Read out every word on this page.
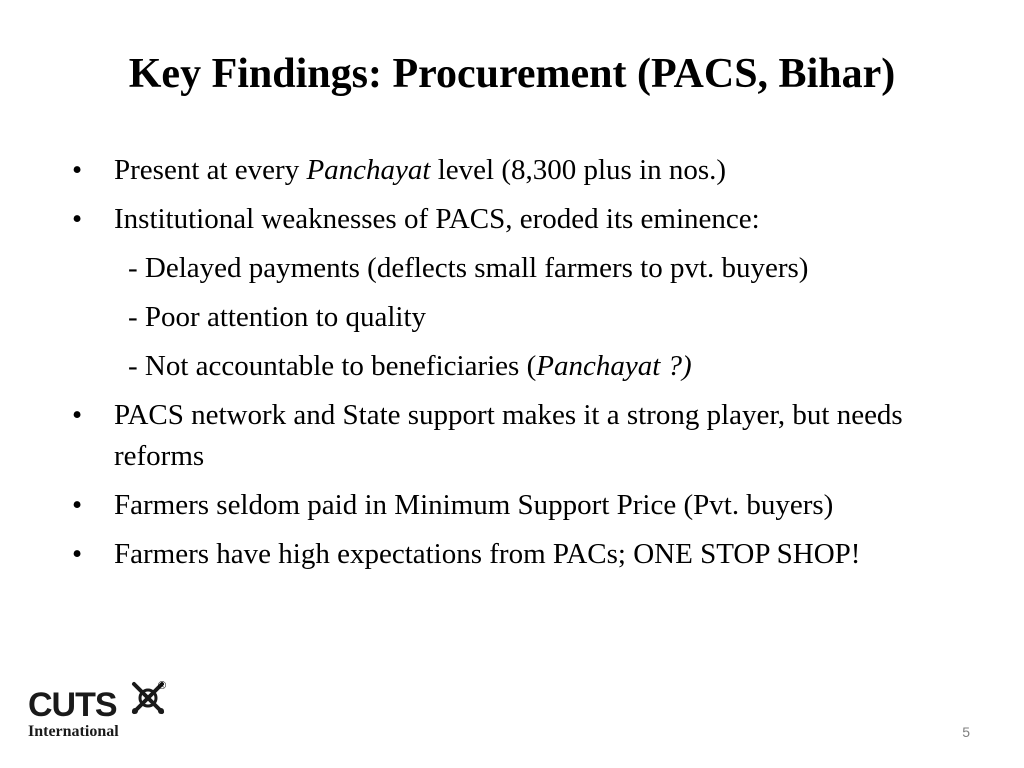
Key Findings: Procurement (PACS, Bihar)
• Present at every Panchayat level (8,300 plus in nos.)
• Institutional weaknesses of PACS, eroded its eminence:
- Delayed payments (deflects small farmers to pvt. buyers)
- Poor attention to quality
- Not accountable to beneficiaries (Panchayat ?)
• PACS network and State support makes it a strong player, but needs reforms
• Farmers seldom paid in Minimum Support Price (Pvt. buyers)
• Farmers have high expectations from PACs; ONE STOP SHOP!
CUTS	®
International	5
